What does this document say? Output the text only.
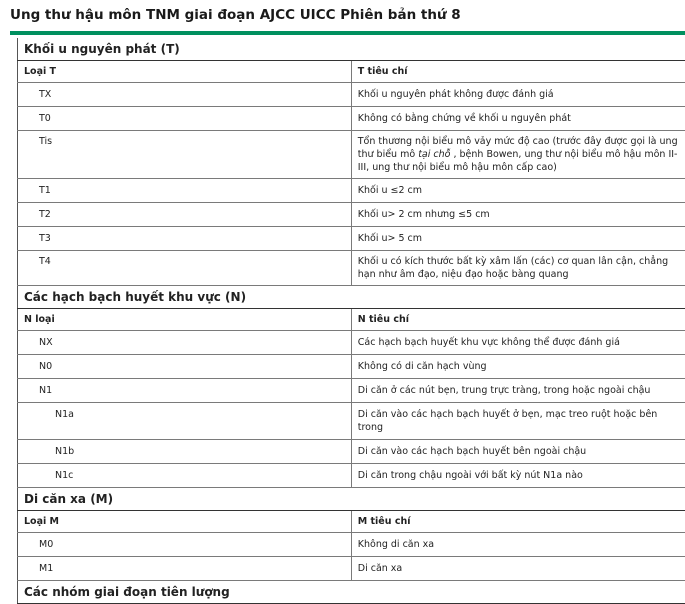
Ung thư hậu môn TNM giai đoạn AJCC UICC Phiên bản thứ 8
Khối u nguyên phát (T)	
Loại T	T tiêu chí
TX	Khối u nguyên phát không được đánh giá
T0	Không có bằng chứng về khối u nguyên phát
Tis	Tổn thương nội biểu mô vảy mức độ cao (trước đây được gọi là ung thư biểu mô tại chỗ , bệnh Bowen, ung thư nội biểu mô hậu môn II-III, ung thư nội biểu mô hậu môn cấp cao)
T1	Khối u ≤2 cm
T2	Khối u> 2 cm nhưng ≤5 cm
T3	Khối u> 5 cm
T4	Khối u có kích thước bất kỳ xâm lấn (các) cơ quan lân cận, chẳng hạn như âm đạo, niệu đạo hoặc bàng quang
Các hạch bạch huyết khu vực (N)	
N loại	N tiêu chí
NX	Các hạch bạch huyết khu vực không thể được đánh giá
N0	Không có di căn hạch vùng
N1	Di căn ở các nút bẹn, trung trực tràng, trong hoặc ngoài chậu
N1a	Di căn vào các hạch bạch huyết ở bẹn, mạc treo ruột hoặc bên trong
N1b	Di căn vào các hạch bạch huyết bên ngoài chậu
N1c	Di căn trong chậu ngoài với bất kỳ nút N1a nào
Di căn xa (M)	
Loại M	M tiêu chí
M0	Không di căn xa
M1	Di căn xa
Các nhóm giai đoạn tiên lượng	
